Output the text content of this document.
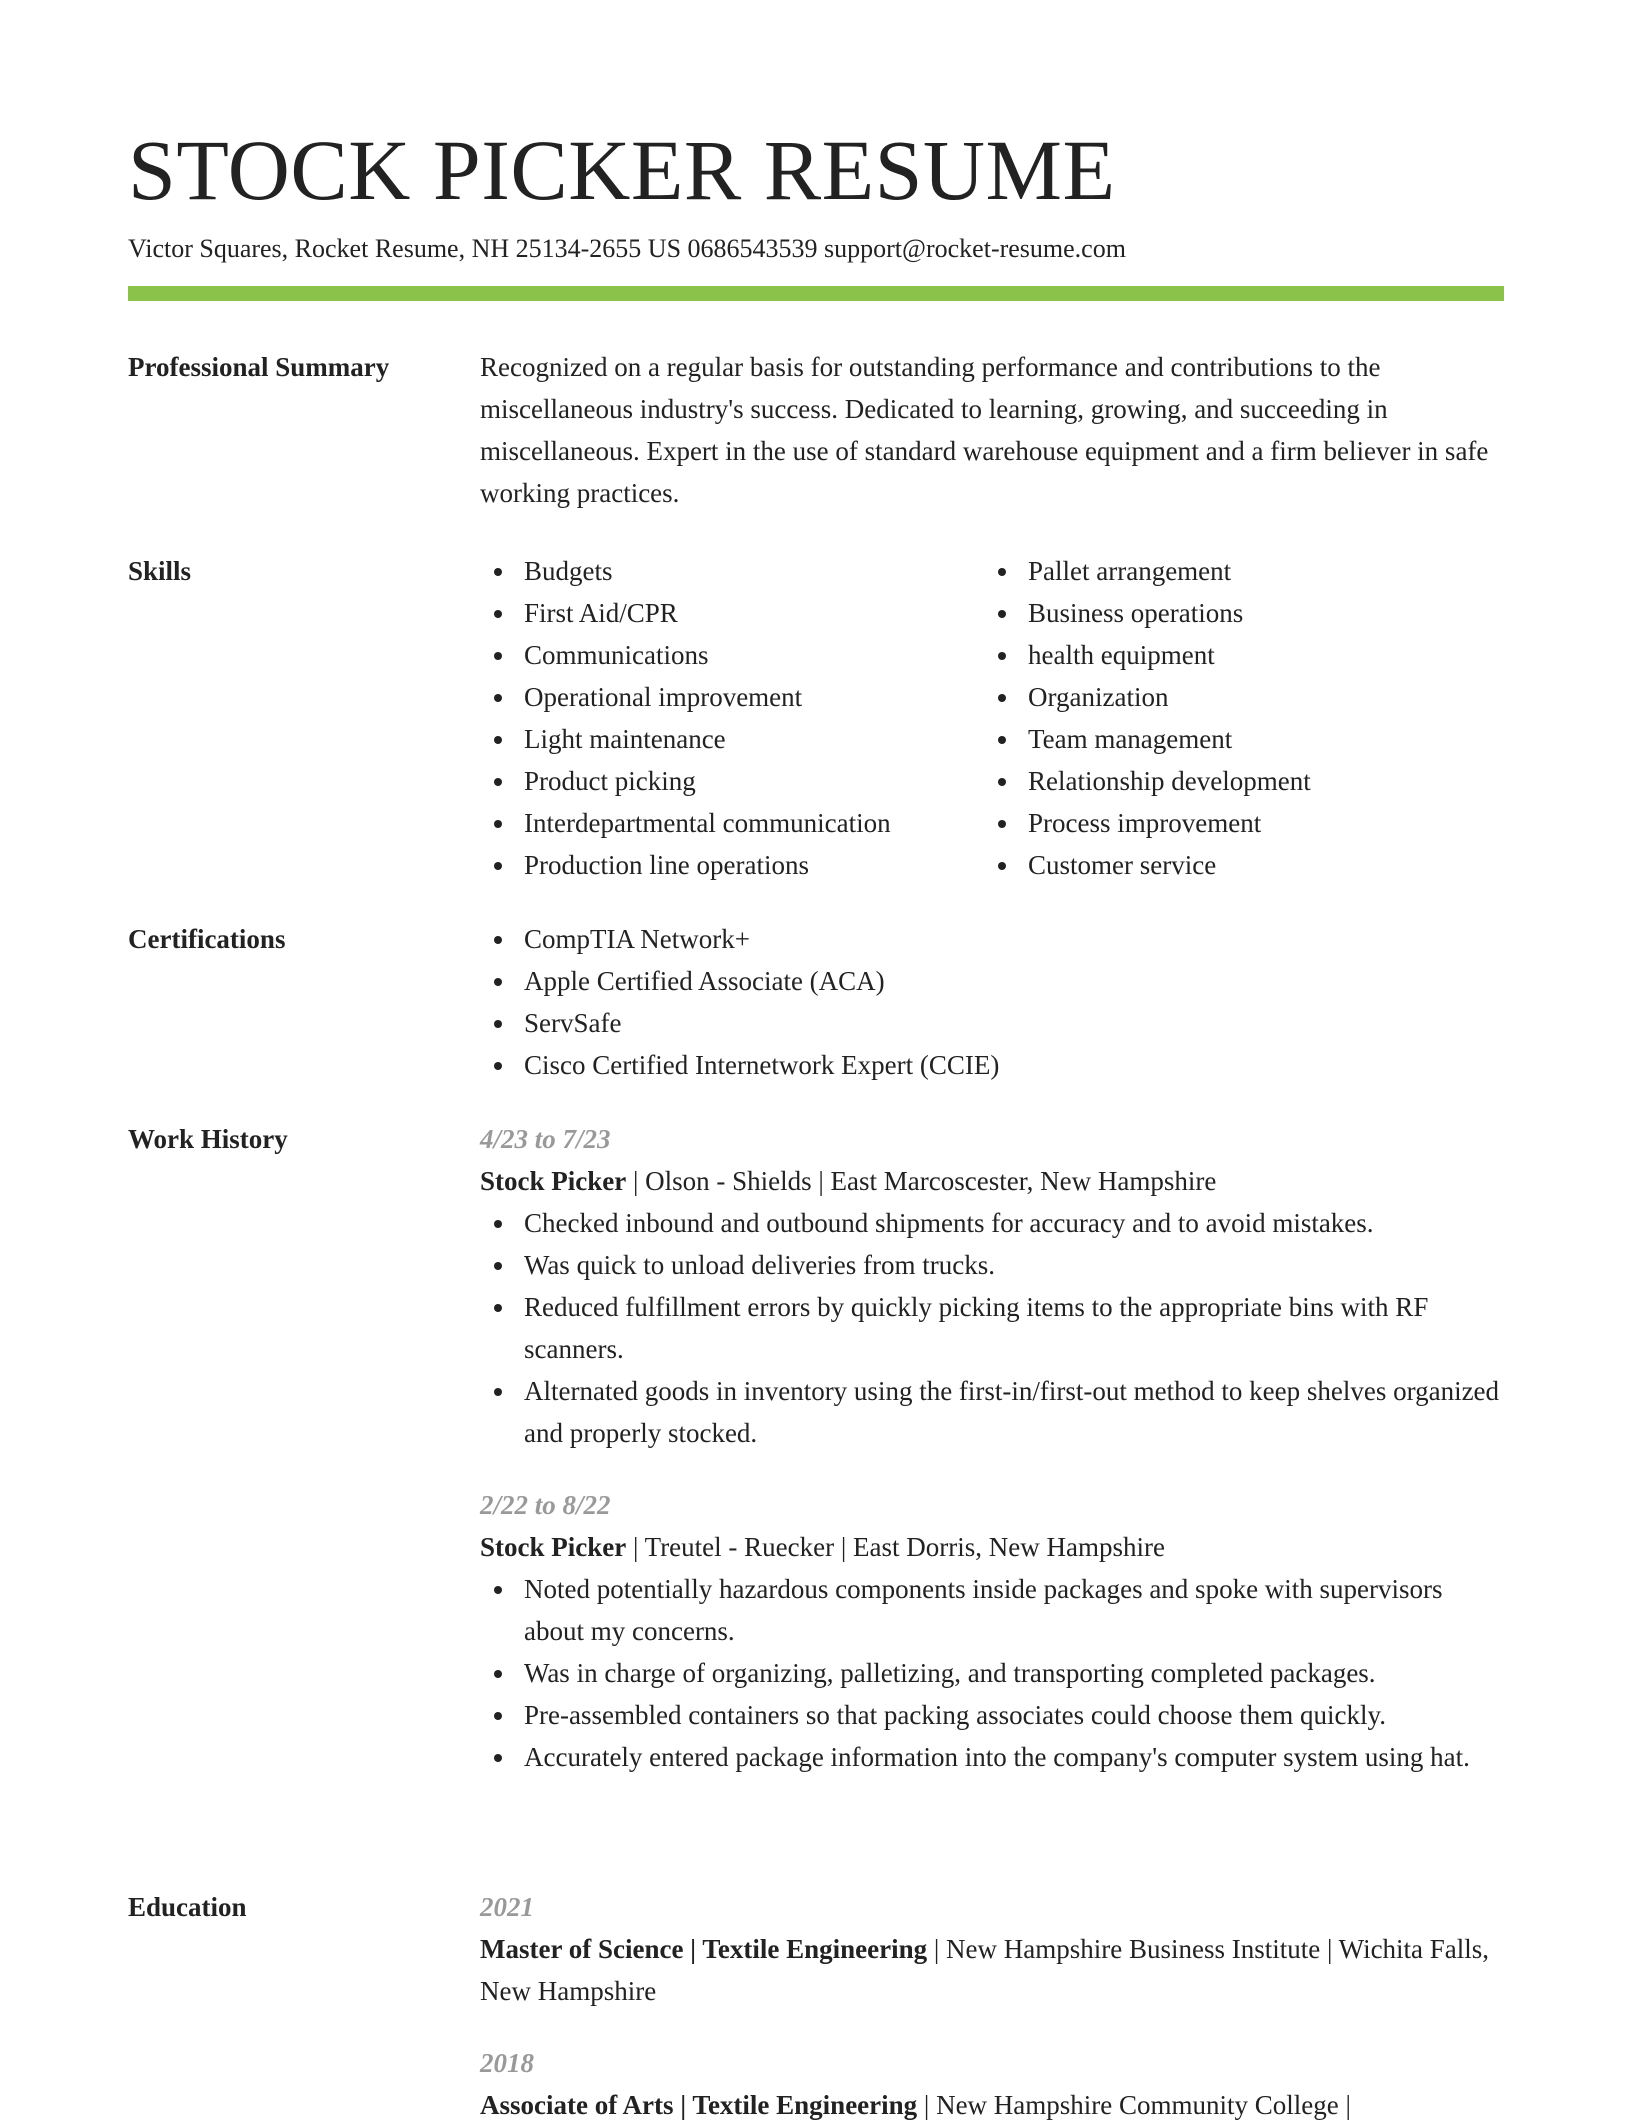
STOCK PICKER RESUME
Victor Squares, Rocket Resume, NH 25134-2655 US 0686543539 support@rocket-resume.com
Professional Summary	Recognized on a regular basis for outstanding performance and contributions to the miscellaneous industry's success. Dedicated to learning, growing, and succeeding in miscellaneous. Expert in the use of standard warehouse equipment and a firm believer in safe working practices.

Skills	Budgets
First Aid/CPR
Communications
Operational improvement
Light maintenance
Product picking
Interdepartmental communication
Production line operations
Pallet arrangement
Business operations
health equipment
Organization
Team management
Relationship development
Process improvement
Customer service
Certifications	CompTIA Network+
Apple Certified Associate (ACA)
ServSafe
Cisco Certified Internetwork Expert (CCIE)
Work History	4/23 to 7/23
Stock Picker | Olson - Shields | East Marcoscester, New Hampshire
Checked inbound and outbound shipments for accuracy and to avoid mistakes.
Was quick to unload deliveries from trucks.
Reduced fulfillment errors by quickly picking items to the appropriate bins with RF scanners.
Alternated goods in inventory using the first-in/first-out method to keep shelves organized and properly stocked.
2/22 to 8/22
Stock Picker | Treutel - Ruecker | East Dorris, New Hampshire
Noted potentially hazardous components inside packages and spoke with supervisors about my concerns.
Was in charge of organizing, palletizing, and transporting completed packages.
Pre-assembled containers so that packing associates could choose them quickly.
Accurately entered package information into the company's computer system using hat.
Education	2021
Master of Science | Textile Engineering | New Hampshire Business Institute | Wichita Falls, New Hampshire
2018
Associate of Arts | Textile Engineering | New Hampshire Community College |
